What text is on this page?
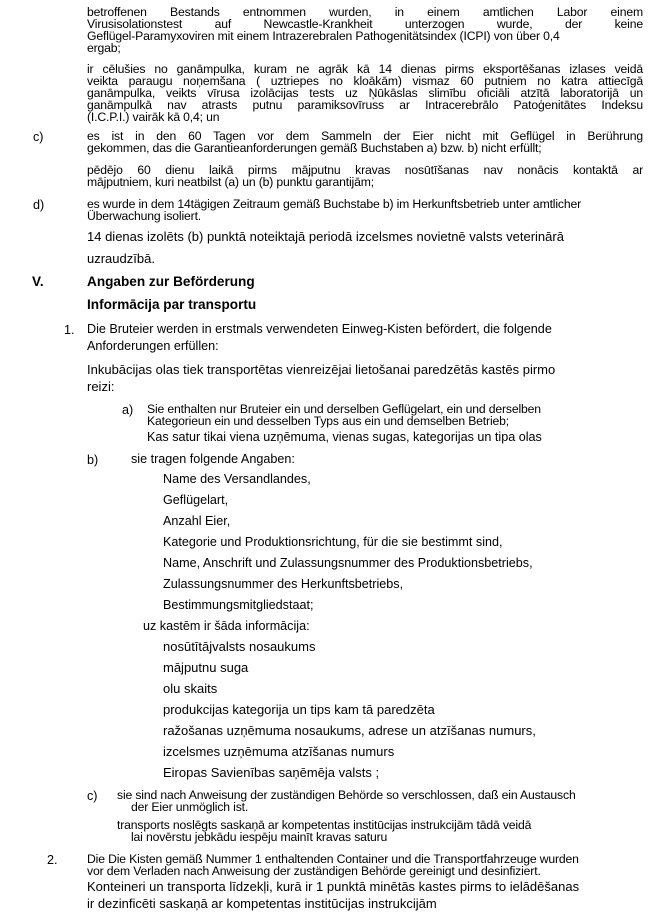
betroffenen Bestands entnommen wurden, in einem amtlichen Labor einem
Virusisolationstest auf Newcastle-Krankheit unterzogen wurde, der keine
Geflügel-Paramyxoviren mit einem Intrazerebralen Pathogenitätsindex (ICPI) von über 0,4
ergab;
ir cēlušies no ganāmpulka, kuram ne agrāk kā 14 dienas pirms eksportēšanas izlases veidā
veikta paraugu noņemšana ( uztriepes no kloākām) vismaz 60 putniem no katra attiecīgā
ganāmpulka, veikts vīrusa izolācijas tests uz Ņūkāslas slimību oficiāli atzītā laboratorijā un
ganāmpulkā nav atrasts putnu paramiksovīruss ar Intracerebrālo Patoģenitātes Indeksu
(I.C.P.I.) vairāk kā 0,4; un
c)	es ist in den 60 Tagen vor dem Sammeln der Eier nicht mit Geflügel in Berührung
gekommen, das die Garantieanforderungen gemäß Buchstaben a) bzw. b) nicht erfüllt;
pēdējo 60 dienu laikā pirms mājputnu kravas nosūtīšanas nav nonācis kontaktā ar
mājputniem, kuri neatbilst (a) un (b) punktu garantijām;
d)	es wurde in dem 14tägigen Zeitraum gemäß Buchstabe b) im Herkunftsbetrieb unter amtlicher
Überwachung isoliert.
14 dienas izolēts (b) punktā noteiktajā periodā izcelsmes novietnē valsts veterinārā
uzraudzībā.
V.	Angaben zur Beförderung
Informācija par transportu
1. Die Bruteier werden in erstmals verwendeten Einweg-Kisten befördert, die folgende
Anforderungen erfüllen:
Inkubācijas olas tiek transportētas vienreizējai lietošanai paredzētās kastēs pirmo
reizi:
a) Sie enthalten nur Bruteier ein und derselben Geflügelart, ein und derselben
Kategorieun ein und desselben Typs aus ein und demselben Betrieb;
Kas satur tikai viena uzņēmuma, vienas sugas, kategorijas un tipa olas
b)	sie tragen folgende Angaben:
Name des Versandlandes,
Geflügelart,
Anzahl Eier,
Kategorie und Produktionsrichtung, für die sie bestimmt sind,
Name, Anschrift und Zulassungsnummer des Produktionsbetriebs,
Zulassungsnummer des Herkunftsbetriebs,
Bestimmungsmitgliedstaat;
uz kastēm ir šāda informācija:
nosūtītājvalsts nosaukums
mājputnu suga
olu skaits
produkcijas kategorija un tips kam tā paredzēta
ražošanas uzņēmuma nosaukums, adrese un atzīšanas numurs,
izcelsmes uzņēmuma atzīšanas numurs
Eiropas Savienības saņēmēja valsts ;
c) sie sind nach Anweisung der zuständigen Behörde so verschlossen, daß ein Austausch
der Eier unmöglich ist.
transports noslēgts saskaņā ar kompetentas institūcijas instrukcijām tādā veidā
lai novērstu jebkādu iespēju mainīt kravas saturu
2. Die Die Kisten gemäß Nummer 1 enthaltenden Container und die Transportfahrzeuge wurden
vor dem Verladen nach Anweisung der zuständigen Behörde gereinigt und desinfiziert.
Konteineri un transporta līdzekļi, kurā ir 1 punktā minētās kastes pirms to ielādēšanas
ir dezinficēti saskaņā ar kompetentas institūcijas instrukcijām
